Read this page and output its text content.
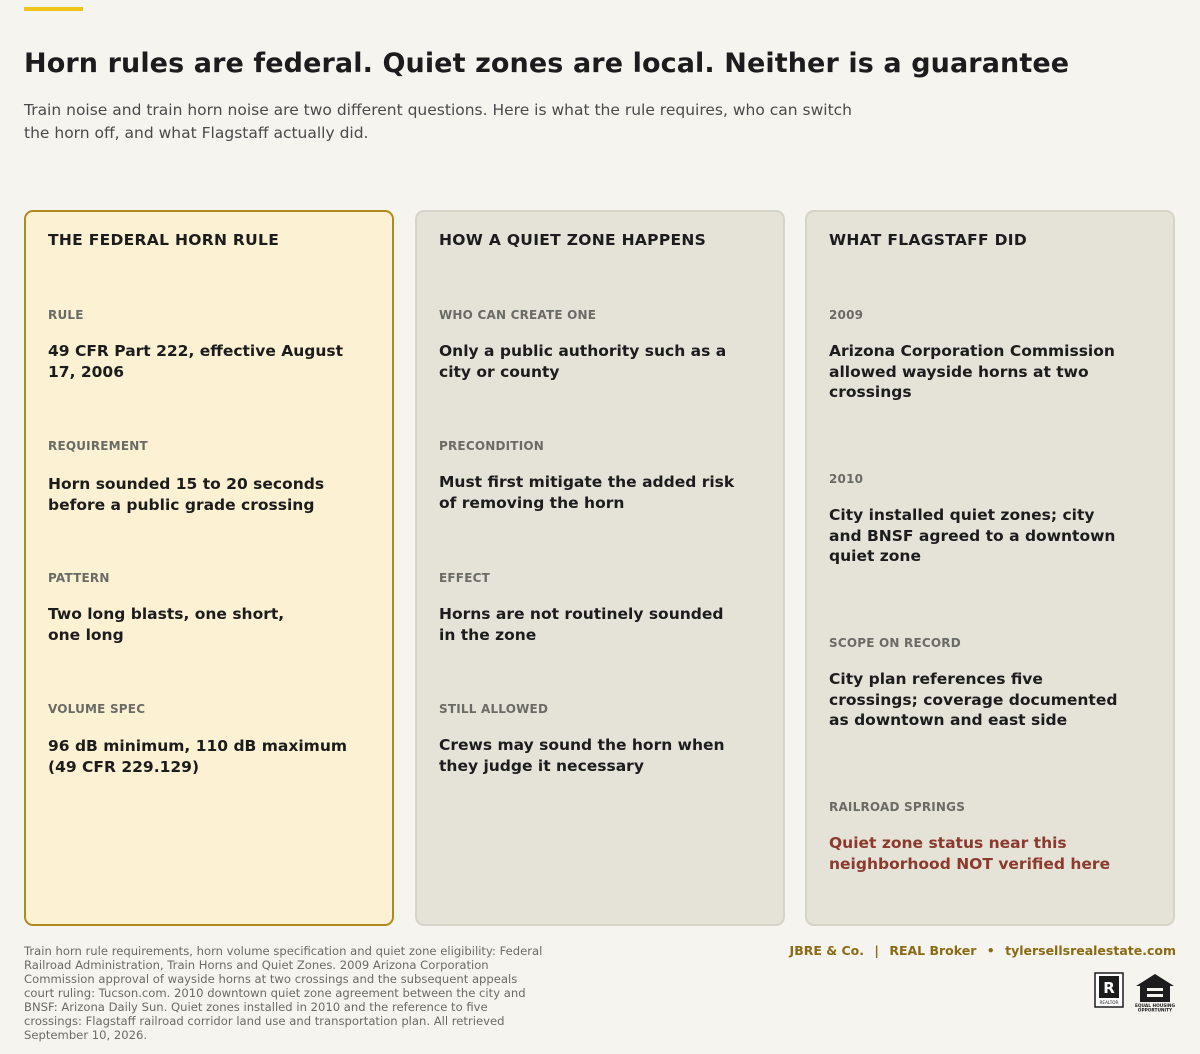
Horn rules are federal. Quiet zones are local. Neither is a guarantee

Train noise and train horn noise are two different questions. Here is what the rule requires, who can switch the horn off, and what Flagstaff actually did.

THE FEDERAL HORN RULE
RULE
49 CFR Part 222, effective August 17, 2006
REQUIREMENT
Horn sounded 15 to 20 seconds before a public grade crossing
PATTERN
Two long blasts, one short, one long
VOLUME SPEC
96 dB minimum, 110 dB maximum (49 CFR 229.129)
HOW A QUIET ZONE HAPPENS
WHO CAN CREATE ONE
Only a public authority such as a city or county
PRECONDITION
Must first mitigate the added risk of removing the horn
EFFECT
Horns are not routinely sounded in the zone
STILL ALLOWED
Crews may sound the horn when they judge it necessary
WHAT FLAGSTAFF DID
2009
Arizona Corporation Commission allowed wayside horns at two crossings
2010
City installed quiet zones; city and BNSF agreed to a downtown quiet zone
SCOPE ON RECORD
City plan references five crossings; coverage documented as downtown and east side
RAILROAD SPRINGS
Quiet zone status near this neighborhood NOT verified here

Train horn rule requirements, horn volume specification and quiet zone eligibility: Federal Railroad Administration, Train Horns and Quiet Zones. 2009 Arizona Corporation Commission approval of wayside horns at two crossings and the subsequent appeals court ruling: Tucson.com. 2010 downtown quiet zone agreement between the city and BNSF: Arizona Daily Sun. Quiet zones installed in 2010 and the reference to five crossings: Flagstaff railroad corridor land use and transportation plan. All retrieved September 10, 2026.

JBRE & Co. | REAL Broker • tylersellsrealestate.com
R
REALTOR
EQUAL HOUSING
OPPORTUNITY
